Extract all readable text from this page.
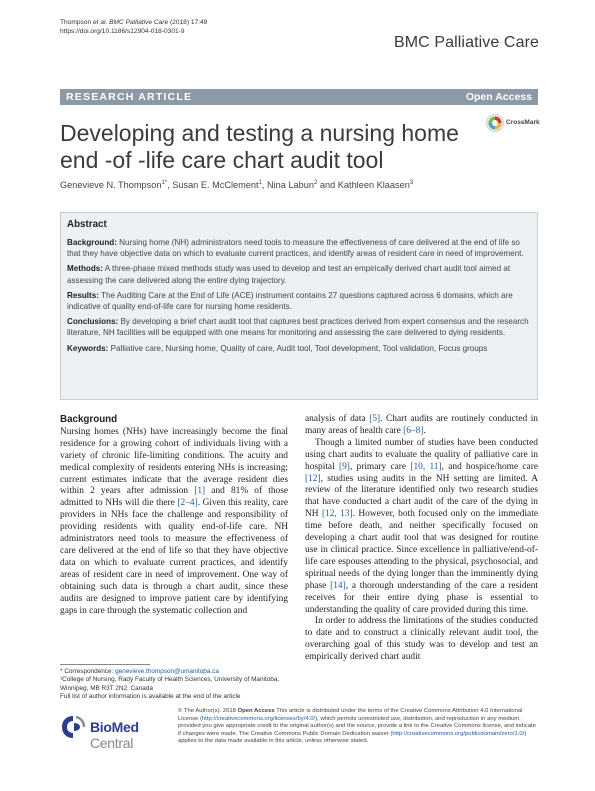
Thompson et al. BMC Palliative Care (2018) 17:49
https://doi.org/10.1186/s12904-018-0301-9
BMC Palliative Care
RESEARCH ARTICLE	Open Access
Developing and testing a nursing home end -of -life care chart audit tool
CrossMark
Genevieve N. Thompson$^{1*}$, Susan E. McClement$^1$, Nina Labun$^2$ and Kathleen Klaasen$^3$
Abstract

Background: Nursing home (NH) administrators need tools to measure the effectiveness of care delivered at the end of life so that they have objective data on which to evaluate current practices, and identify areas of resident care in need of improvement.

Methods: A three-phase mixed methods study was used to develop and test an empirically derived chart audit tool aimed at assessing the care delivered along the entire dying trajectory.

Results: The Auditing Care at the End of Life (ACE) instrument contains 27 questions captured across 6 domains, which are indicative of quality end-of-life care for nursing home residents.

Conclusions: By developing a brief chart audit tool that captures best practices derived from expert consensus and the research literature, NH facilities will be equipped with one means for monitoring and assessing the care delivered to dying residents.

Keywords: Palliative care, Nursing home, Quality of care, Audit tool, Tool development, Tool validation, Focus groups

Background

Nursing homes (NHs) have increasingly become the final residence for a growing cohort of individuals living with a variety of chronic life-limiting conditions. The acuity and medical complexity of residents entering NHs is increasing; current estimates indicate that the average resident dies within 2 years after admission [1] and 81% of those admitted to NHs will die there [2–4]. Given this reality, care providers in NHs face the challenge and responsibility of providing residents with quality end-of-life care. NH administrators need tools to measure the effectiveness of care delivered at the end of life so that they have objective data on which to evaluate current practices, and identify areas of resident care in need of improvement. One way of obtaining such data is through a chart audit, since these audits are designed to improve patient care by identifying gaps in care through the systematic collection and

analysis of data [5]. Chart audits are routinely conducted in many areas of health care [6–8].

Though a limited number of studies have been conducted using chart audits to evaluate the quality of palliative care in hospital [9], primary care [10, 11], and hospice/home care [12], studies using audits in the NH setting are limited. A review of the literature identified only two research studies that have conducted a chart audit of the care of the dying in NH [12, 13]. However, both focused only on the immediate time before death, and neither specifically focused on developing a chart audit tool that was designed for routine use in clinical practice. Since excellence in palliative/end-of-life care espouses attending to the physical, psychosocial, and spiritual needs of the dying longer than the imminently dying phase [14], a thorough understanding of the care a resident receives for their entire dying phase is essential to understanding the quality of care provided during this time.

In order to address the limitations of the studies conducted to date and to construct a clinically relevant audit tool, the overarching goal of this study was to develop and test an empirically derived chart audit

* Correspondence: genevieve.thompson@umanitoba.ca
¹College of Nursing, Rady Faculty of Health Sciences, University of Manitoba, Winnipeg, MB R3T 2N2, Canada
Full list of author information is available at the end of the article
BioMed Central
© The Author(s). 2018 Open Access This article is distributed under the terms of the Creative Commons Attribution 4.0 International License (http://creativecommons.org/licenses/by/4.0/), which permits unrestricted use, distribution, and reproduction in any medium, provided you give appropriate credit to the original author(s) and the source, provide a link to the Creative Commons license, and indicate if changes were made. The Creative Commons Public Domain Dedication waiver (http://creativecommons.org/publicdomain/zero/1.0/) applies to the data made available in this article, unless otherwise stated.
